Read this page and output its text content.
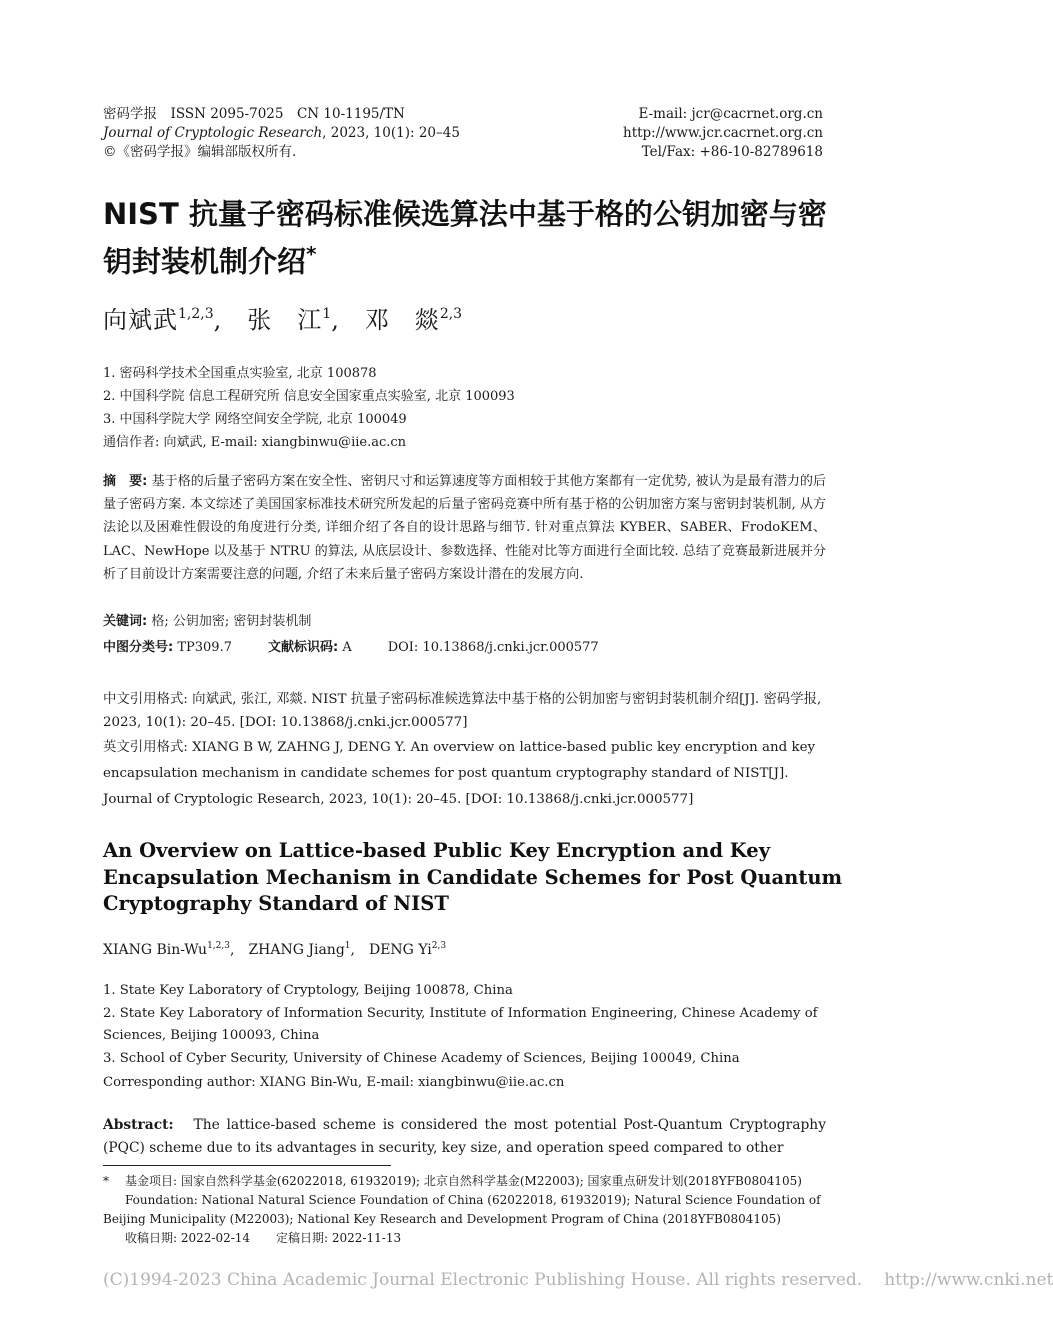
密码学报　ISSN 2095-7025　CN 10-1195/TN
Journal of Cryptologic Research, 2023, 10(1): 20–45
©《密码学报》编辑部版权所有.
E-mail: jcr@cacrnet.org.cn
http://www.jcr.cacrnet.org.cn
Tel/Fax: +86-10-82789618
NIST 抗量子密码标准候选算法中基于格的公钥加密与密钥封装机制介绍*
向斌武$^{1,2,3}$,　张　江$^1$,　邓　燚$^{2,3}$
1. 密码科学技术全国重点实验室, 北京 100878
2. 中国科学院 信息工程研究所 信息安全国家重点实验室, 北京 100093
3. 中国科学院大学 网络空间安全学院, 北京 100049
通信作者: 向斌武, E-mail: xiangbinwu@iie.ac.cn
摘　要: 基于格的后量子密码方案在安全性、密钥尺寸和运算速度等方面相较于其他方案都有一定优势, 被认为是最有潜力的后量子密码方案. 本文综述了美国国家标准技术研究所发起的后量子密码竞赛中所有基于格的公钥加密方案与密钥封装机制, 从方法论以及困难性假设的角度进行分类, 详细介绍了各自的设计思路与细节. 针对重点算法 KYBER、SABER、FrodoKEM、LAC、NewHope 以及基于 NTRU 的算法, 从底层设计、参数选择、性能对比等方面进行全面比较. 总结了竞赛最新进展并分析了目前设计方案需要注意的问题, 介绍了未来后量子密码方案设计潜在的发展方向.
关键词: 格; 公钥加密; 密钥封装机制
中图分类号: TP309.7	文献标识码: A	DOI: 10.13868/j.cnki.jcr.000577
中文引用格式: 向斌武, 张江, 邓燚. NIST 抗量子密码标准候选算法中基于格的公钥加密与密钥封装机制介绍[J]. 密码学报, 2023, 10(1): 20–45. [DOI: 10.13868/j.cnki.jcr.000577]
英文引用格式: XIANG B W, ZAHNG J, DENG Y. An overview on lattice-based public key encryption and key encapsulation mechanism in candidate schemes for post quantum cryptography standard of NIST[J]. Journal of Cryptologic Research, 2023, 10(1): 20–45. [DOI: 10.13868/j.cnki.jcr.000577]
An Overview on Lattice-based Public Key Encryption and Key Encapsulation Mechanism in Candidate Schemes for Post Quantum Cryptography Standard of NIST
XIANG Bin-Wu$^{1,2,3}$, ZHANG Jiang$^1$, DENG Yi$^{2,3}$
1. State Key Laboratory of Cryptology, Beijing 100878, China
2. State Key Laboratory of Information Security, Institute of Information Engineering, Chinese Academy of Sciences, Beijing 100093, China
3. School of Cyber Security, University of Chinese Academy of Sciences, Beijing 100049, China
Corresponding author: XIANG Bin-Wu, E-mail: xiangbinwu@iie.ac.cn
Abstract: The lattice-based scheme is considered the most potential Post-Quantum Cryptography (PQC) scheme due to its advantages in security, key size, and operation speed compared to other
* 基金项目: 国家自然科学基金(62022018, 61932019); 北京自然科学基金(M22003); 国家重点研发计划(2018YFB0804105)
Foundation: National Natural Science Foundation of China (62022018, 61932019); Natural Science Foundation of Beijing Municipality (M22003); National Key Research and Development Program of China (2018YFB0804105)
收稿日期: 2022-02-14 定稿日期: 2022-11-13
(C)1994-2023 China Academic Journal Electronic Publishing House. All rights reserved. http://www.cnki.net
